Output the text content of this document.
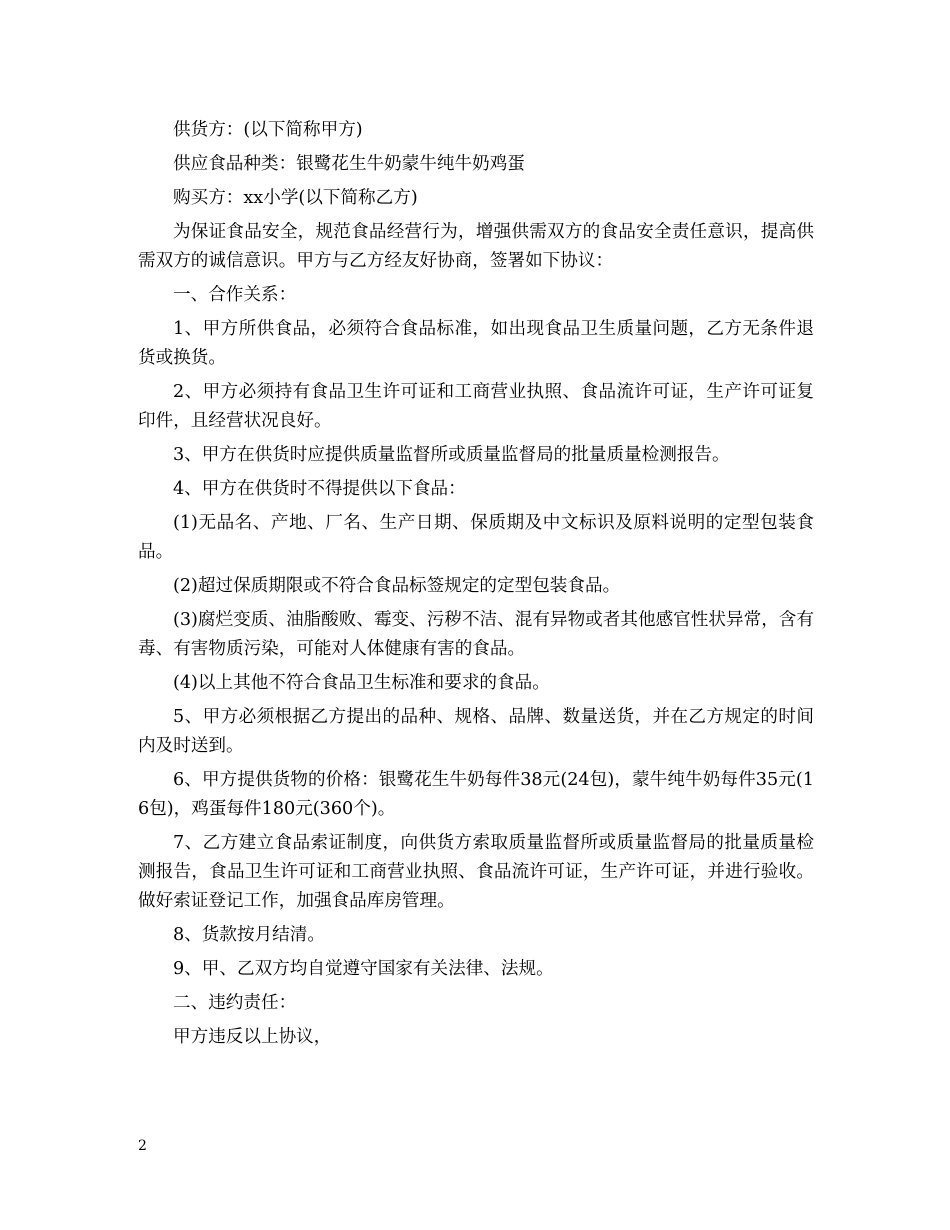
供货方：(以下简称甲方)

供应食品种类：银鹭花生牛奶蒙牛纯牛奶鸡蛋

购买方：xx小学(以下简称乙方)

为保证食品安全，规范食品经营行为，增强供需双方的食品安全责任意识，提高供需双方的诚信意识。甲方与乙方经友好协商，签署如下协议：

一、合作关系：

1、甲方所供食品，必须符合食品标准，如出现食品卫生质量问题，乙方无条件退货或换货。

2、甲方必须持有食品卫生许可证和工商营业执照、食品流许可证，生产许可证复印件，且经营状况良好。

3、甲方在供货时应提供质量监督所或质量监督局的批量质量检测报告。

4、甲方在供货时不得提供以下食品：

(1)无品名、产地、厂名、生产日期、保质期及中文标识及原料说明的定型包装食品。

(2)超过保质期限或不符合食品标签规定的定型包装食品。

(3)腐烂变质、油脂酸败、霉变、污秽不洁、混有异物或者其他感官性状异常，含有毒、有害物质污染，可能对人体健康有害的食品。

(4)以上其他不符合食品卫生标准和要求的食品。

5、甲方必须根据乙方提出的品种、规格、品牌、数量送货，并在乙方规定的时间内及时送到。

6、甲方提供货物的价格：银鹭花生牛奶每件38元(24包)，蒙牛纯牛奶每件35元(16包)，鸡蛋每件180元(360个)。

7、乙方建立食品索证制度，向供货方索取质量监督所或质量监督局的批量质量检测报告，食品卫生许可证和工商营业执照、食品流许可证，生产许可证，并进行验收。做好索证登记工作，加强食品库房管理。

8、货款按月结清。

9、甲、乙双方均自觉遵守国家有关法律、法规。

二、违约责任：

甲方违反以上协议，

2
